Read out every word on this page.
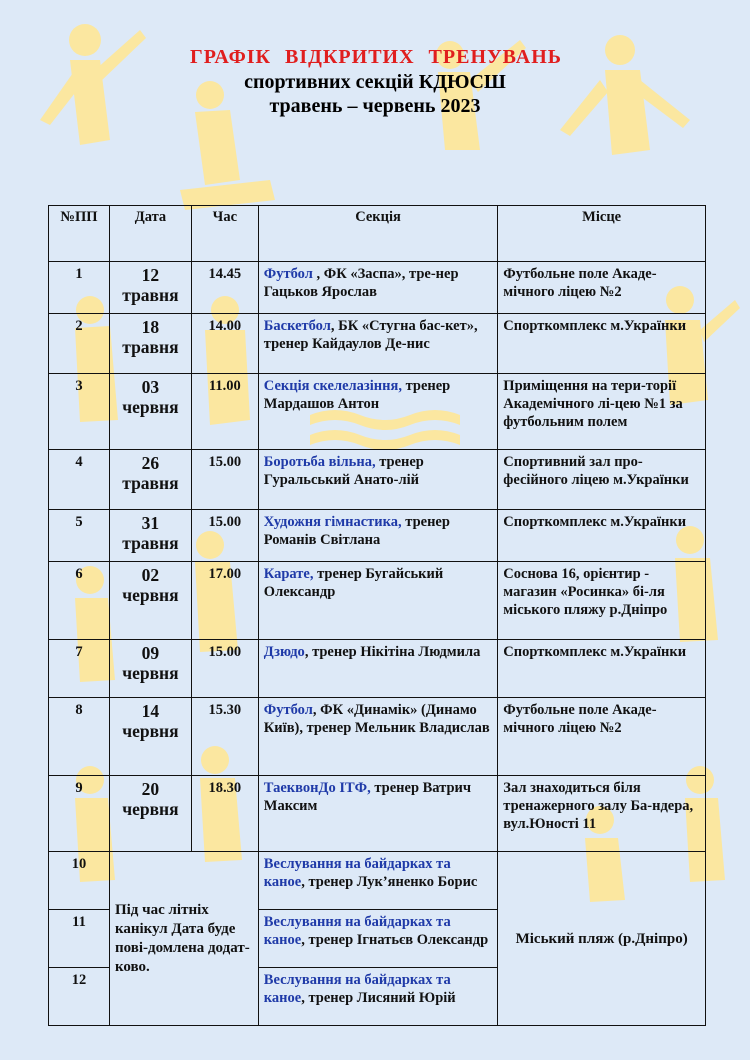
ГРАФІК ВІДКРИТИХ ТРЕНУВАНЬ
спортивних секцій КДЮСШ
травень – червень 2023
№ПП	Дата	Час	Секція	Місце
1	12
травня	14.45	Футбол , ФК «Заспа», тре-нер Гацьков Ярослав	Футбольне поле Акаде-мічного ліцею №2
2	18
травня	14.00	Баскетбол, БК «Стугна бас-кет», тренер Кайдаулов Де-нис	Спорткомплекс м.Українки
3	03
червня	11.00	Секція скелелазіння, тренер Мардашов Антон	Приміщення на тери-торії Академічного лі-цею №1 за футбольним полем
4	26
травня	15.00	Боротьба вільна, тренер Гуральський Анато-лій	Спортивний зал про-фесійного ліцею м.Українки
5	31
травня	15.00	Художня гімнастика, тренер Романів Світлана	Спорткомплекс м.Українки
6	02
червня	17.00	Карате, тренер Бугайський Олександр	Соснова 16, орієнтир - магазин «Росинка» бі-ля міського пляжу р.Дніпро
7	09
червня	15.00	Дзюдо, тренер Нікітіна Людмила	Спорткомплекс м.Українки
8	14
червня	15.30	Футбол, ФК «Динамік» (Динамо Київ), тренер Мельник Владислав	Футбольне поле Акаде-мічного ліцею №2
9	20
червня	18.30	ТаеквонДо ITФ, тренер Ватрич Максим	Зал знаходиться біля тренажерного залу Ба-ндера, вул.Юності 11
10	Під час літніх канікул Дата буде пові-домлена додат-ково.		Веслування на байдарках та каное, тренер Лук’яненко Борис	Міський пляж (р.Дніпро)
11			Веслування на байдарках та каное, тренер Ігнатьєв Олександр	
12			Веслування на байдарках та каное, тренер Лисяний Юрій	
